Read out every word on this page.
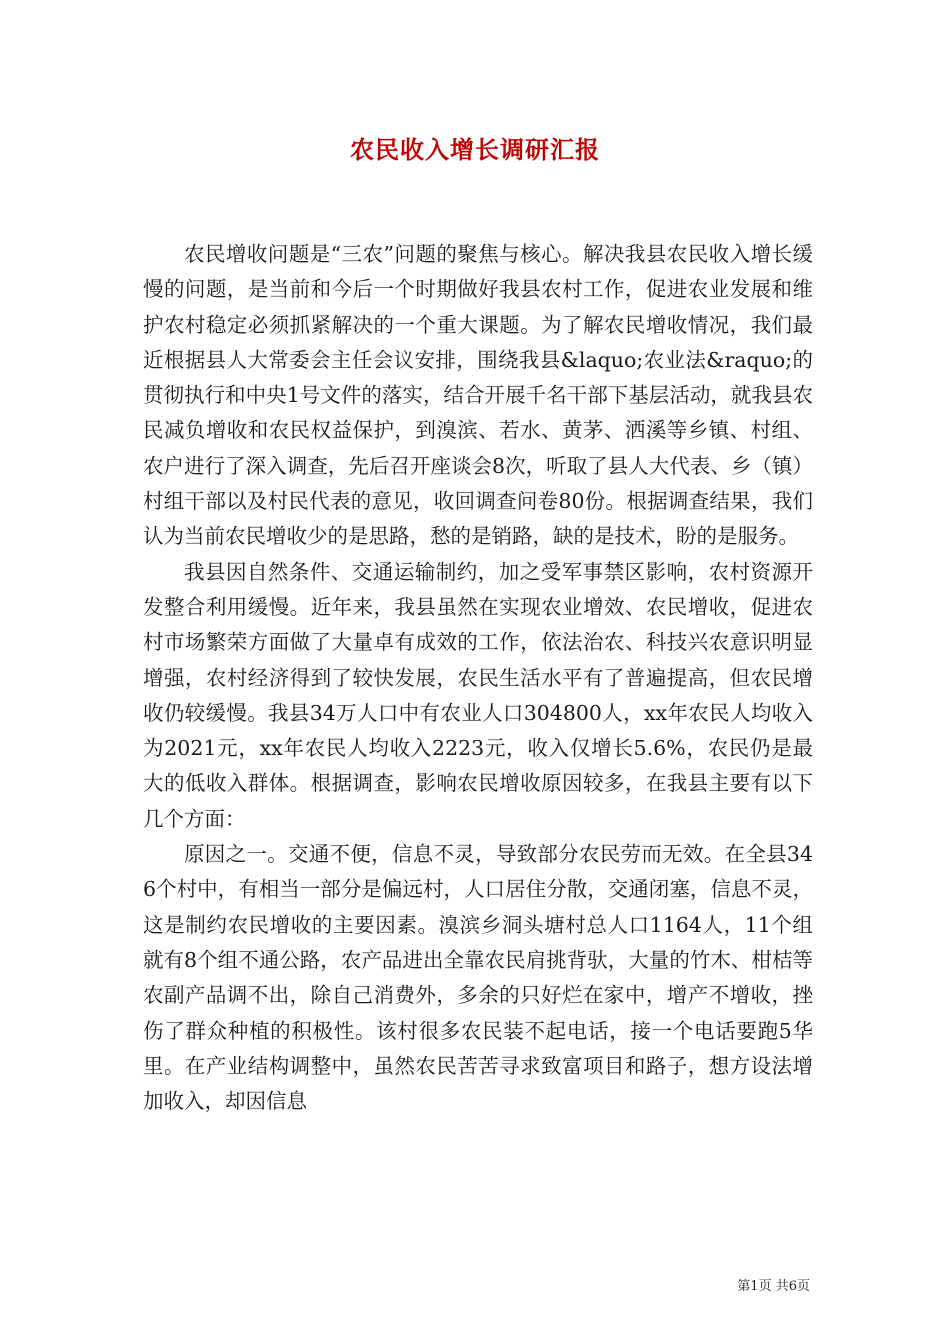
农民收入增长调研汇报

农民增收问题是“三农”问题的聚焦与核心。解决我县农民收入增长缓慢的问题，是当前和今后一个时期做好我县农村工作，促进农业发展和维护农村稳定必须抓紧解决的一个重大课题。为了解农民增收情况，我们最近根据县人大常委会主任会议安排，围绕我县&laquo;农业法&raquo;的贯彻执行和中央1号文件的落实，结合开展千名干部下基层活动，就我县农民减负增收和农民权益保护，到溴滨、若水、黄茅、洒溪等乡镇、村组、农户进行了深入调查，先后召开座谈会8次，听取了县人大代表、乡（镇）村组干部以及村民代表的意见，收回调查问卷80份。根据调查结果，我们认为当前农民增收少的是思路，愁的是销路，缺的是技术，盼的是服务。

我县因自然条件、交通运输制约，加之受军事禁区影响，农村资源开发整合利用缓慢。近年来，我县虽然在实现农业增效、农民增收，促进农村市场繁荣方面做了大量卓有成效的工作，依法治农、科技兴农意识明显增强，农村经济得到了较快发展，农民生活水平有了普遍提高，但农民增收仍较缓慢。我县34万人口中有农业人口304800人，xx年农民人均收入为2021元，xx年农民人均收入2223元，收入仅增长5.6%，农民仍是最大的低收入群体。根据调查，影响农民增收原因较多，在我县主要有以下几个方面：

原因之一。交通不便，信息不灵，导致部分农民劳而无效。在全县346个村中，有相当一部分是偏远村，人口居住分散，交通闭塞，信息不灵，这是制约农民增收的主要因素。溴滨乡洞头塘村总人口1164人，11个组就有8个组不通公路，农产品进出全靠农民肩挑背驮，大量的竹木、柑桔等农副产品调不出，除自己消费外，多余的只好烂在家中，增产不增收，挫伤了群众种植的积极性。该村很多农民装不起电话，接一个电话要跑5华里。在产业结构调整中，虽然农民苦苦寻求致富项目和路子，想方设法增加收入，却因信息

第1页 共6页
